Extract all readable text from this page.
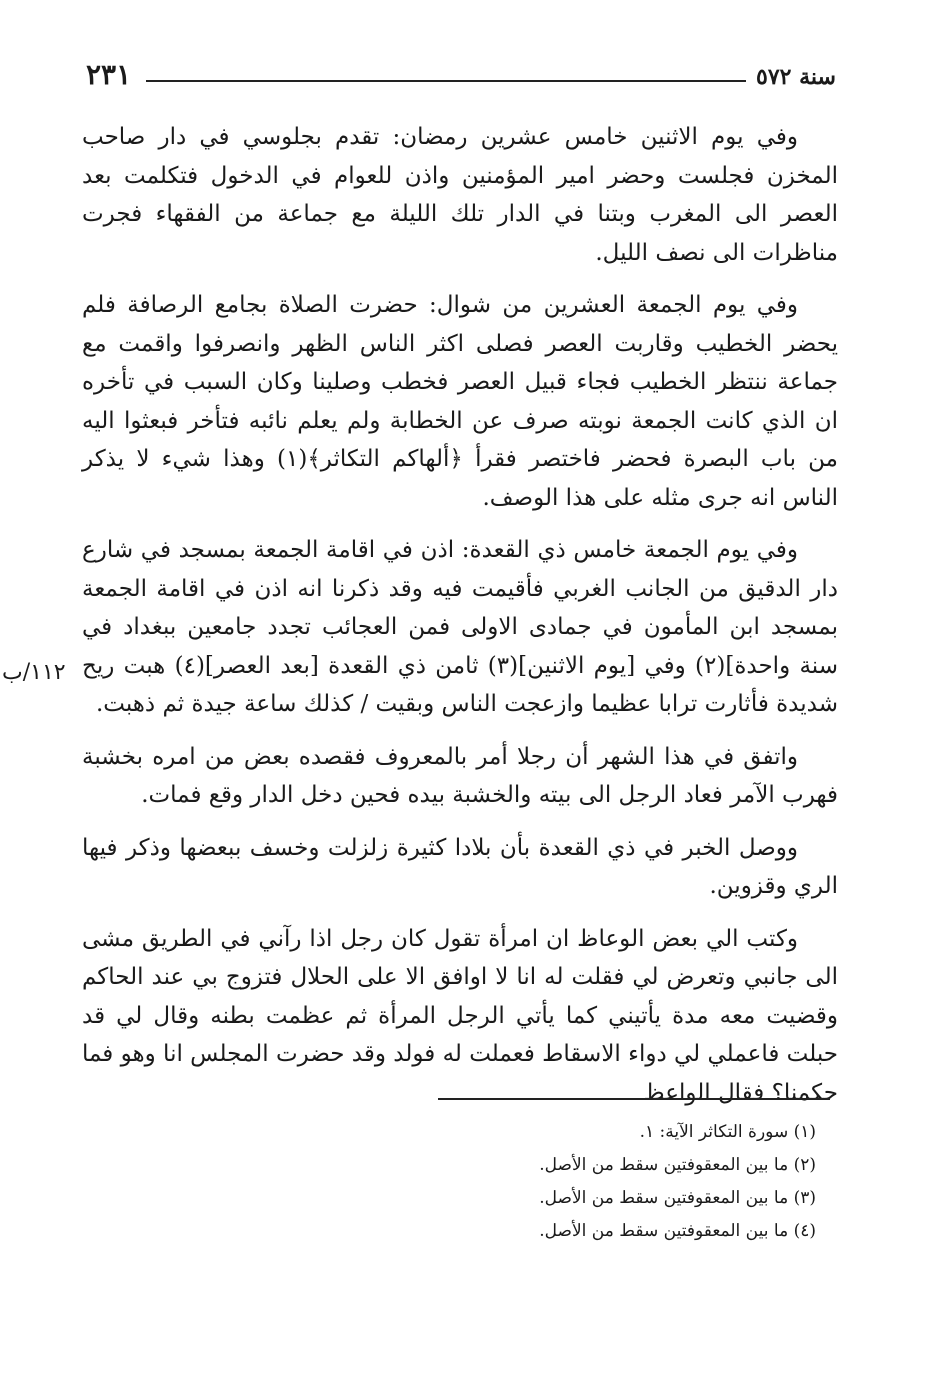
٢٣١	سنة ٥٧٢

وفي يوم الاثنين خامس عشرين رمضان: تقدم بجلوسي في دار صاحب المخزن فجلست وحضر امير المؤمنين واذن للعوام في الدخول فتكلمت بعد العصر الى المغرب وبتنا في الدار تلك الليلة مع جماعة من الفقهاء فجرت مناظرات الى نصف الليل.

وفي يوم الجمعة العشرين من شوال: حضرت الصلاة بجامع الرصافة فلم يحضر الخطيب وقاربت العصر فصلى اكثر الناس الظهر وانصرفوا واقمت مع جماعة ننتظر الخطيب فجاء قبيل العصر فخطب وصلينا وكان السبب في تأخره ان الذي كانت الجمعة نوبته صرف عن الخطابة ولم يعلم نائبه فتأخر فبعثوا اليه من باب البصرة فحضر فاختصر فقرأ ﴿ألهاكم التكاثر﴾(١) وهذا شيء لا يذكر الناس انه جرى مثله على هذا الوصف.

وفي يوم الجمعة خامس ذي القعدة: اذن في اقامة الجمعة بمسجد في شارع دار الدقيق من الجانب الغربي فأقيمت فيه وقد ذكرنا انه اذن في اقامة الجمعة بمسجد ابن المأمون في جمادى الاولى فمن العجائب تجدد جامعين ببغداد في سنة واحدة](٢) وفي [يوم الاثنين](٣) ثامن ذي القعدة [بعد العصر](٤) هبت ريح شديدة فأثارت ترابا عظيما وازعجت الناس وبقيت / كذلك ساعة جيدة ثم ذهبت.

واتفق في هذا الشهر أن رجلا أمر بالمعروف فقصده بعض من امره بخشبة فهرب الآمر فعاد الرجل الى بيته والخشبة بيده فحين دخل الدار وقع فمات.

ووصل الخبر في ذي القعدة بأن بلادا كثيرة زلزلت وخسف ببعضها وذكر فيها الري وقزوين.

وكتب الي بعض الوعاظ ان امرأة تقول كان رجل اذا رآني في الطريق مشى الى جانبي وتعرض لي فقلت له انا لا اوافق الا على الحلال فتزوج بي عند الحاكم وقضيت معه مدة يأتيني كما يأتي الرجل المرأة ثم عظمت بطنه وقال لي قد حبلت فاعملي لي دواء الاسقاط فعملت له فولد وقد حضرت المجلس انا وهو فما حكمنا؟ فقال الواعظ

١١٢/ب

(١) سورة التكاثر الآية: ١.

(٢) ما بين المعقوفتين سقط من الأصل.

(٣) ما بين المعقوفتين سقط من الأصل.

(٤) ما بين المعقوفتين سقط من الأصل.
